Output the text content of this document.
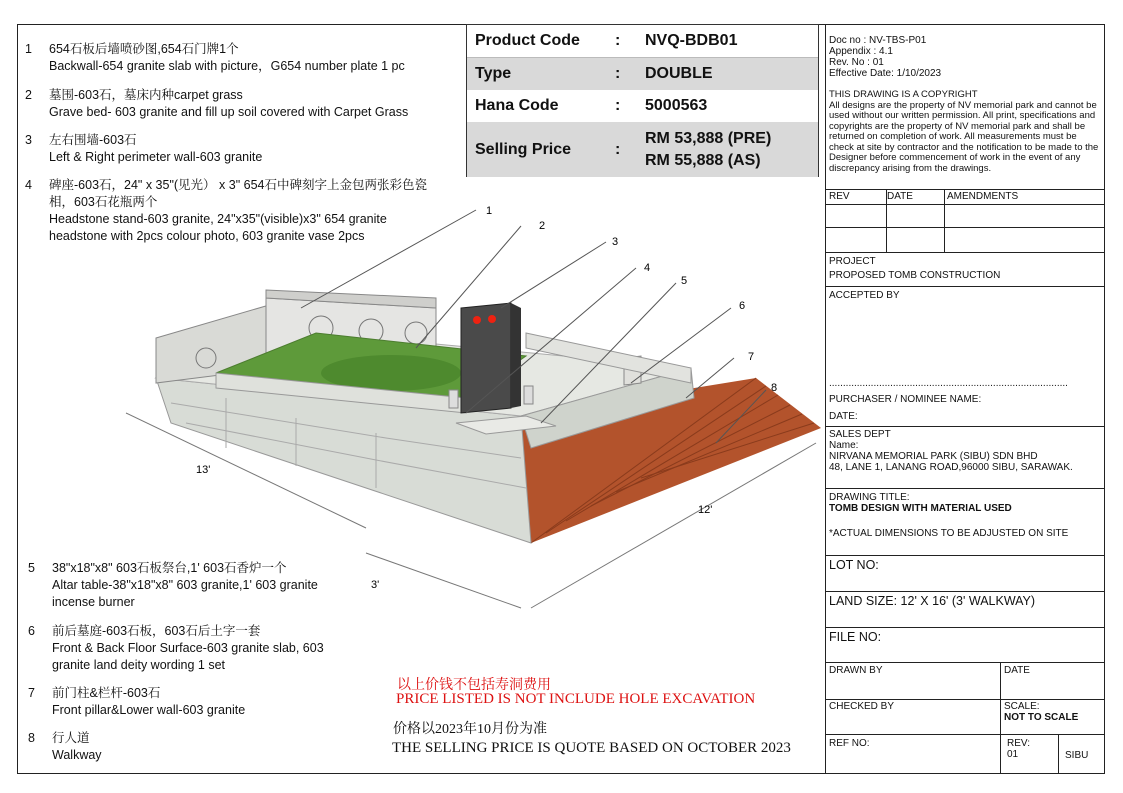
1 654石板后墙喷砂图,654石门牌1个
Backwall-654 granite slab with picture，G654 number plate 1 pc
2 墓围-603石，墓床内种carpet grass
Grave bed- 603 granite and fill up soil covered with Carpet Grass
3 左右围墙-603石
Left & Right perimeter wall-603 granite
4 碑座-603石，24" x 35"(见光） x 3" 654石中碑刻字上金包两张彩色瓷相，603石花瓶两个
Headstone stand-603 granite, 24"x35"(visible)x3" 654 granite headstone with 2pcs colour photo, 603 granite vase 2pcs
5 38"x18"x8" 603石板祭台,1' 603石香炉一个
Altar table-38"x18"x8" 603 granite,1' 603 granite incense burner
6 前后墓庭-603石板，603石后土字一套
Front & Back Floor Surface-603 granite slab, 603 granite land deity wording 1 set
7 前门柱&栏杆-603石
Front pillar&Lower wall-603 granite
8 行人道
Walkway
Product Code : NVQ-BDB01
Type	: DOUBLE
Hana Code	: 5000563
Selling Price	:
RM 53,888 (PRE)
RM 55,888 (AS)
1
2
3
4
5
6
7
8
13'
12'
3'
以上价钱不包括寿洞费用
PRICE LISTED IS NOT INCLUDE HOLE EXCAVATION
价格以2023年10月份为准
THE SELLING PRICE IS QUOTE BASED ON OCTOBER 2023
Doc no : NV-TBS-P01
Appendix : 4.1
Rev. No : 01
Effective Date: 1/10/2023
THIS DRAWING IS A COPYRIGHT
All designs are the property of NV memorial park and cannot be used without our written permission. All print, specifications and copyrights are the property of NV memorial park and shall be returned on completion of work. All measurements must be check at site by contractor and the notification to be made to the Designer before commencement of work in the event of any discrepancy arising from the drawings.
REV	DATE	AMENDMENTS
PROJECT
PROPOSED TOMB CONSTRUCTION
ACCEPTED BY
......................................................................................
PURCHASER / NOMINEE NAME:
DATE:
SALES DEPT
Name:
NIRVANA MEMORIAL PARK (SIBU) SDN BHD
48, LANE 1, LANANG ROAD,96000 SIBU, SARAWAK.
DRAWING TITLE:
TOMB DESIGN WITH MATERIAL USED
*ACTUAL DIMENSIONS TO BE ADJUSTED ON SITE
LOT NO:
LAND SIZE: 12' X 16' (3' WALKWAY)
FILE NO:
DRAWN BY	DATE
CHECKED BY	SCALE:
NOT TO SCALE
REF NO:	REV:
01	SIBU
